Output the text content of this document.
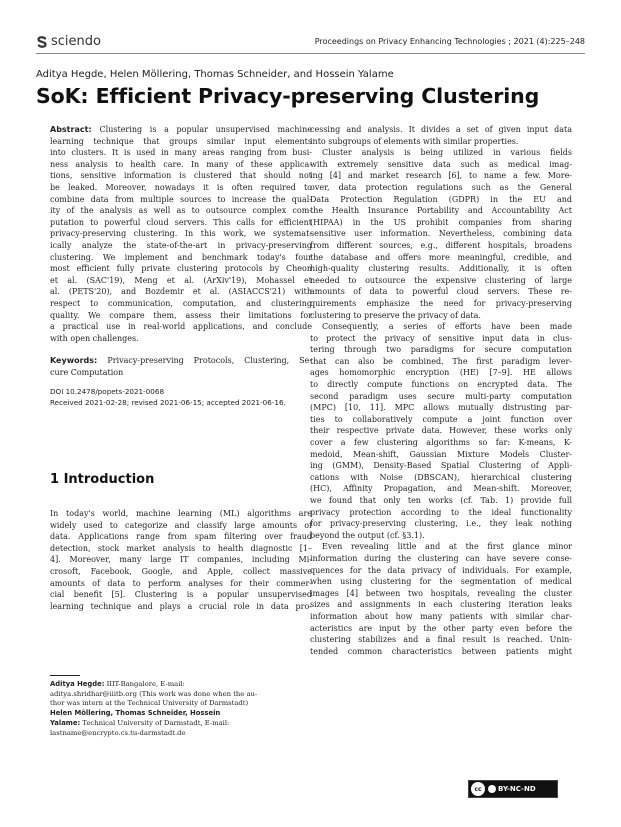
sciendo	Proceedings on Privacy Enhancing Technologies ; 2021 (4):225–248
Aditya Hegde, Helen Möllering, Thomas Schneider, and Hossein Yalame
SoK: Efficient Privacy-preserving Clustering
Abstract: Clustering is a popular unsupervised machine
learning technique that groups similar input elements
into clusters. It is used in many areas ranging from busi-
ness analysis to health care. In many of these applica-
tions, sensitive information is clustered that should not
be leaked. Moreover, nowadays it is often required to
combine data from multiple sources to increase the qual-
ity of the analysis as well as to outsource complex com-
putation to powerful cloud servers. This calls for efficient
privacy-preserving clustering. In this work, we systemat-
ically analyze the state-of-the-art in privacy-preserving
clustering. We implement and benchmark today's four
most efficient fully private clustering protocols by Cheon
et al. (SAC'19), Meng et al. (ArXiv'19), Mohassel et
al. (PETS'20), and Bozdemir et al. (ASIACCS'21) with
respect to communication, computation, and clustering
quality. We compare them, assess their limitations for
a practical use in real-world applications, and conclude
with open challenges.
Keywords: Privacy-preserving Protocols, Clustering, Se-
cure Computation
DOI 10.2478/popets-2021-0068
Received 2021-02-28; revised 2021-06-15; accepted 2021-06-16.
1 Introduction
In today's world, machine learning (ML) algorithms are
widely used to categorize and classify large amounts of
data. Applications range from spam filtering over fraud
detection, stock market analysis to health diagnostic [1–
4]. Moreover, many large IT companies, including Mi-
crosoft, Facebook, Google, and Apple, collect massive
amounts of data to perform analyses for their commer-
cial benefit [5]. Clustering is a popular unsupervised
learning technique and plays a crucial role in data pro-
Aditya Hegde: IIIT-Bangalore, E-mail:
aditya.shridhar@iiitb.org (This work was done when the au-
thor was intern at the Technical University of Darmstadt)
Helen Möllering, Thomas Schneider, Hossein
Yalame: Technical University of Darmstadt, E-mail:
lastname@encrypto.cs.tu-darmstadt.de
cessing and analysis. It divides a set of given input data
into subgroups of elements with similar properties.
Cluster analysis is being utilized in various fields
with extremely sensitive data such as medical imag-
ing [4] and market research [6], to name a few. More-
over, data protection regulations such as the General
Data Protection Regulation (GDPR) in the EU and
the Health Insurance Portability and Accountability Act
(HIPAA) in the US prohibit companies from sharing
sensitive user information. Nevertheless, combining data
from different sources, e.g., different hospitals, broadens
the database and offers more meaningful, credible, and
high-quality clustering results. Additionally, it is often
needed to outsource the expensive clustering of large
amounts of data to powerful cloud servers. These re-
quirements emphasize the need for privacy-preserving
clustering to preserve the privacy of data.
Consequently, a series of efforts have been made
to protect the privacy of sensitive input data in clus-
tering through two paradigms for secure computation
that can also be combined. The first paradigm lever-
ages homomorphic encryption (HE) [7–9]. HE allows
to directly compute functions on encrypted data. The
second paradigm uses secure multi-party computation
(MPC) [10, 11]. MPC allows mutually distrusting par-
ties to collaboratively compute a joint function over
their respective private data. However, these works only
cover a few clustering algorithms so far: K-means, K-
medoid, Mean-shift, Gaussian Mixture Models Cluster-
ing (GMM), Density-Based Spatial Clustering of Appli-
cations with Noise (DBSCAN), hierarchical clustering
(HC), Affinity Propagation, and Mean-shift. Moreover,
we found that only ten works (cf. Tab. 1) provide full
privacy protection according to the ideal functionality
for privacy-preserving clustering, i.e., they leak nothing
beyond the output (cf. §3.1).
Even revealing little and at the first glance minor
information during the clustering can have severe conse-
quences for the data privacy of individuals. For example,
when using clustering for the segmentation of medical
images [4] between two hospitals, revealing the cluster
sizes and assignments in each clustering iteration leaks
information about how many patients with similar char-
acteristics are input by the other party even before the
clustering stabilizes and a final result is reached. Unin-
tended common characteristics between patients might
cc	BY-NC-ND
